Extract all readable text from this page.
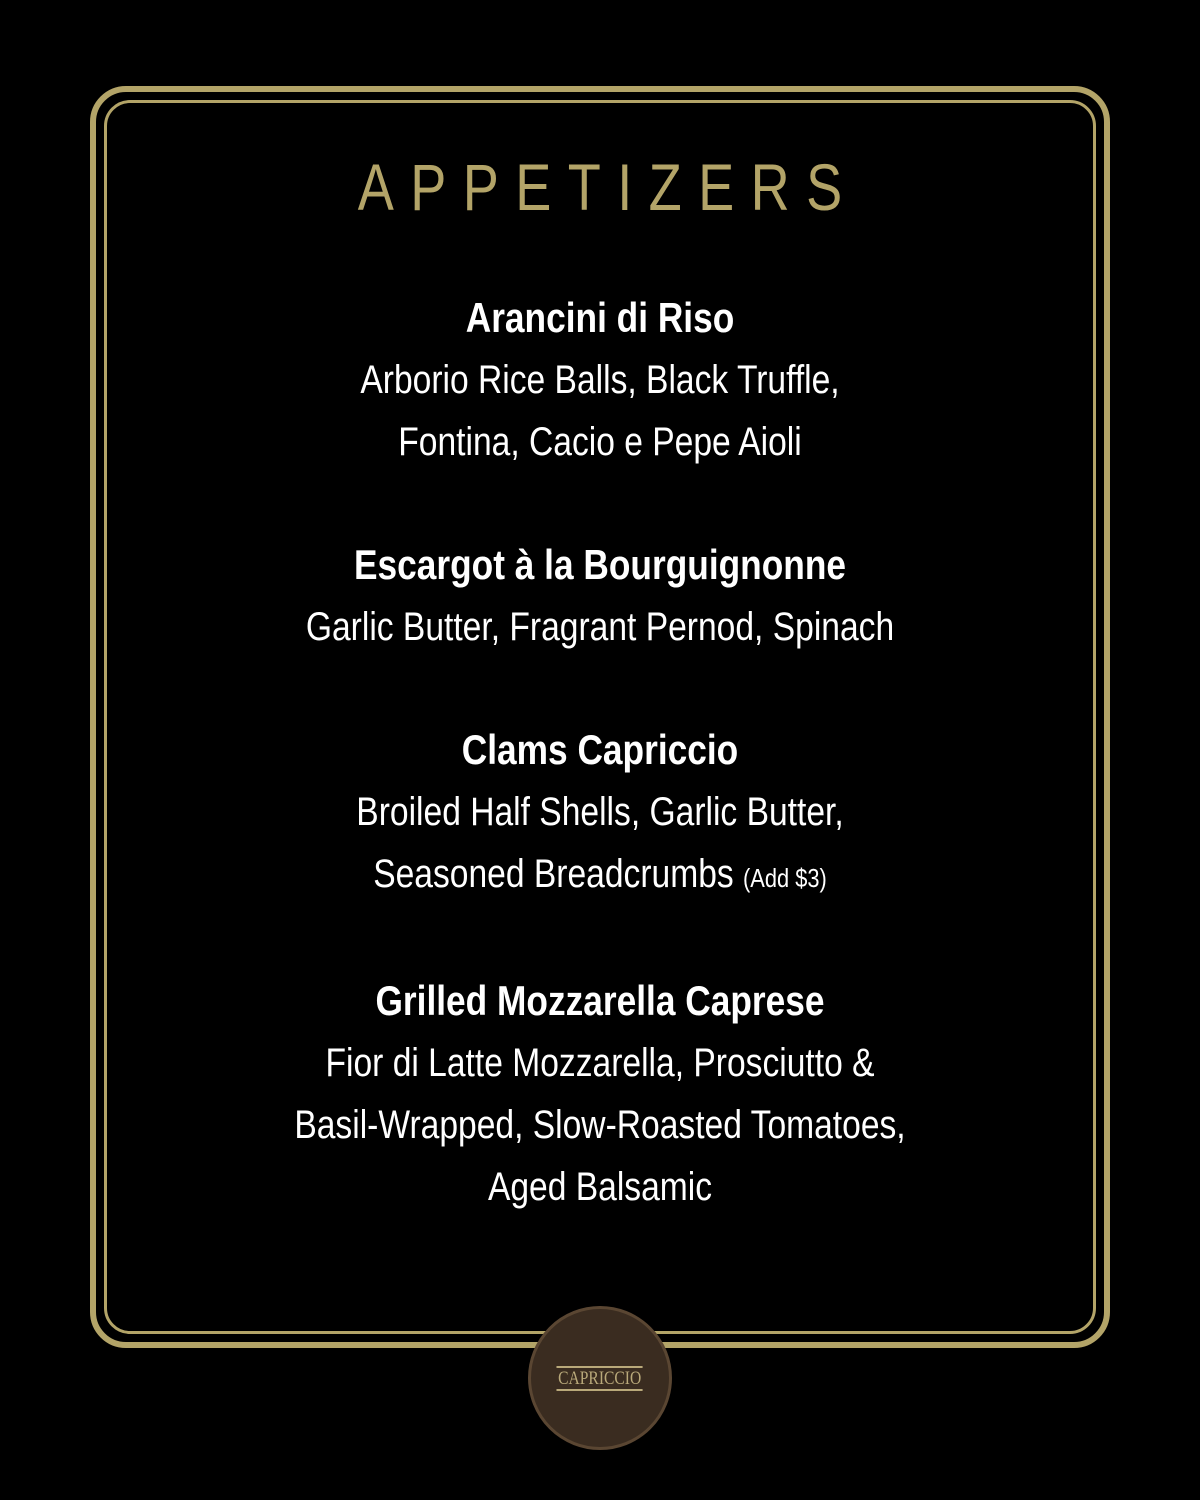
APPETIZERS
Arancini di Riso
Arborio Rice Balls, Black Truffle,
Fontina, Cacio e Pepe Aioli
Escargot à la Bourguignonne
Garlic Butter, Fragrant Pernod, Spinach
Clams Capriccio
Broiled Half Shells, Garlic Butter,
Seasoned Breadcrumbs (Add $3)
Grilled Mozzarella Caprese
Fior di Latte Mozzarella, Prosciutto &
Basil-Wrapped, Slow-Roasted Tomatoes,
Aged Balsamic
CAPRICCIO
